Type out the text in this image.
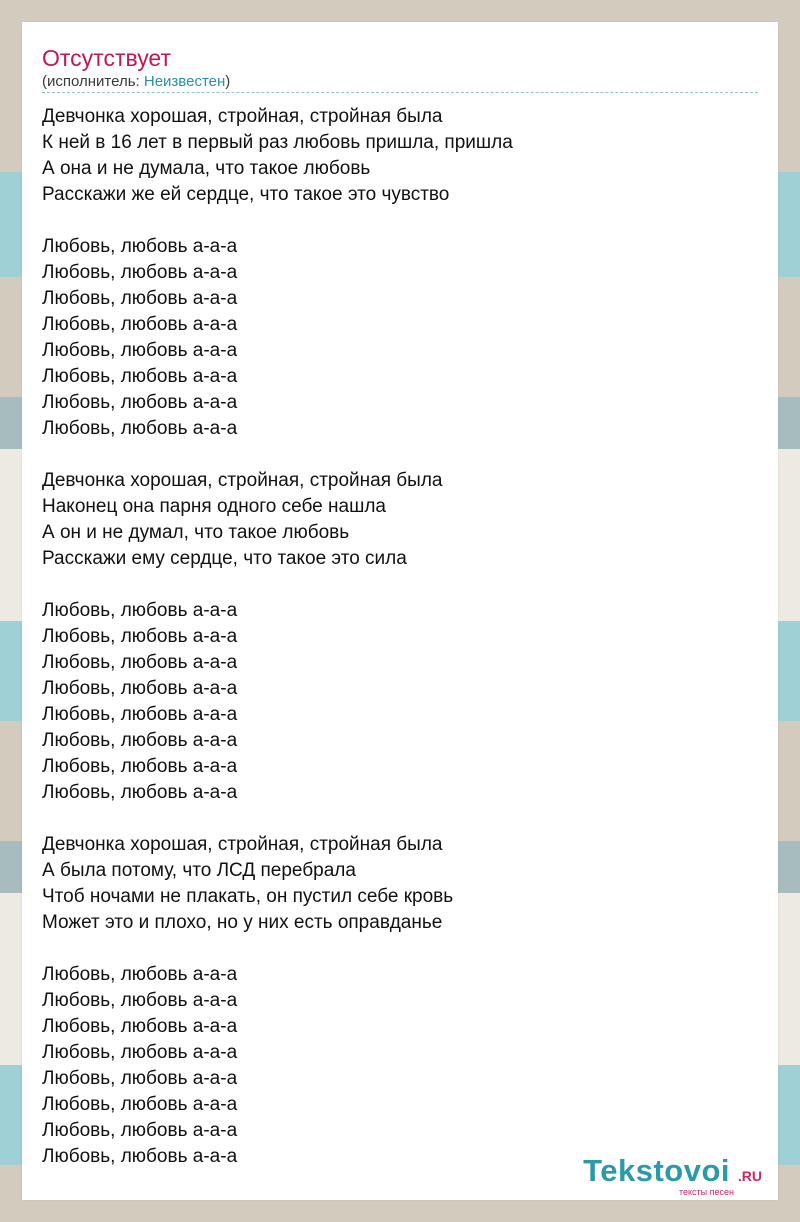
Отсутствует
(исполнитель: Неизвестен)
Девчонка хорошая, стройная, стройная была
К ней в 16 лет в первый раз любовь пришла, пришла
А она и не думала, что такое любовь
Расскажи же ей сердце, что такое это чувство
Любовь, любовь а-а-а
Любовь, любовь а-а-а
Любовь, любовь а-а-а
Любовь, любовь а-а-а
Любовь, любовь а-а-а
Любовь, любовь а-а-а
Любовь, любовь а-а-а
Любовь, любовь а-а-а
Девчонка хорошая, стройная, стройная была
Наконец она парня одного себе нашла
А он и не думал, что такое любовь
Расскажи ему сердце, что такое это сила
Любовь, любовь а-а-а
Любовь, любовь а-а-а
Любовь, любовь а-а-а
Любовь, любовь а-а-а
Любовь, любовь а-а-а
Любовь, любовь а-а-а
Любовь, любовь а-а-а
Любовь, любовь а-а-а
Девчонка хорошая, стройная, стройная была
А была потому, что ЛСД перебрала
Чтоб ночами не плакать, он пустил себе кровь
Может это и плохо, но у них есть оправданье
Любовь, любовь а-а-а
Любовь, любовь а-а-а
Любовь, любовь а-а-а
Любовь, любовь а-а-а
Любовь, любовь а-а-а
Любовь, любовь а-а-а
Любовь, любовь а-а-а
Любовь, любовь а-а-а	Tekstovoi .RU
тексты песен
